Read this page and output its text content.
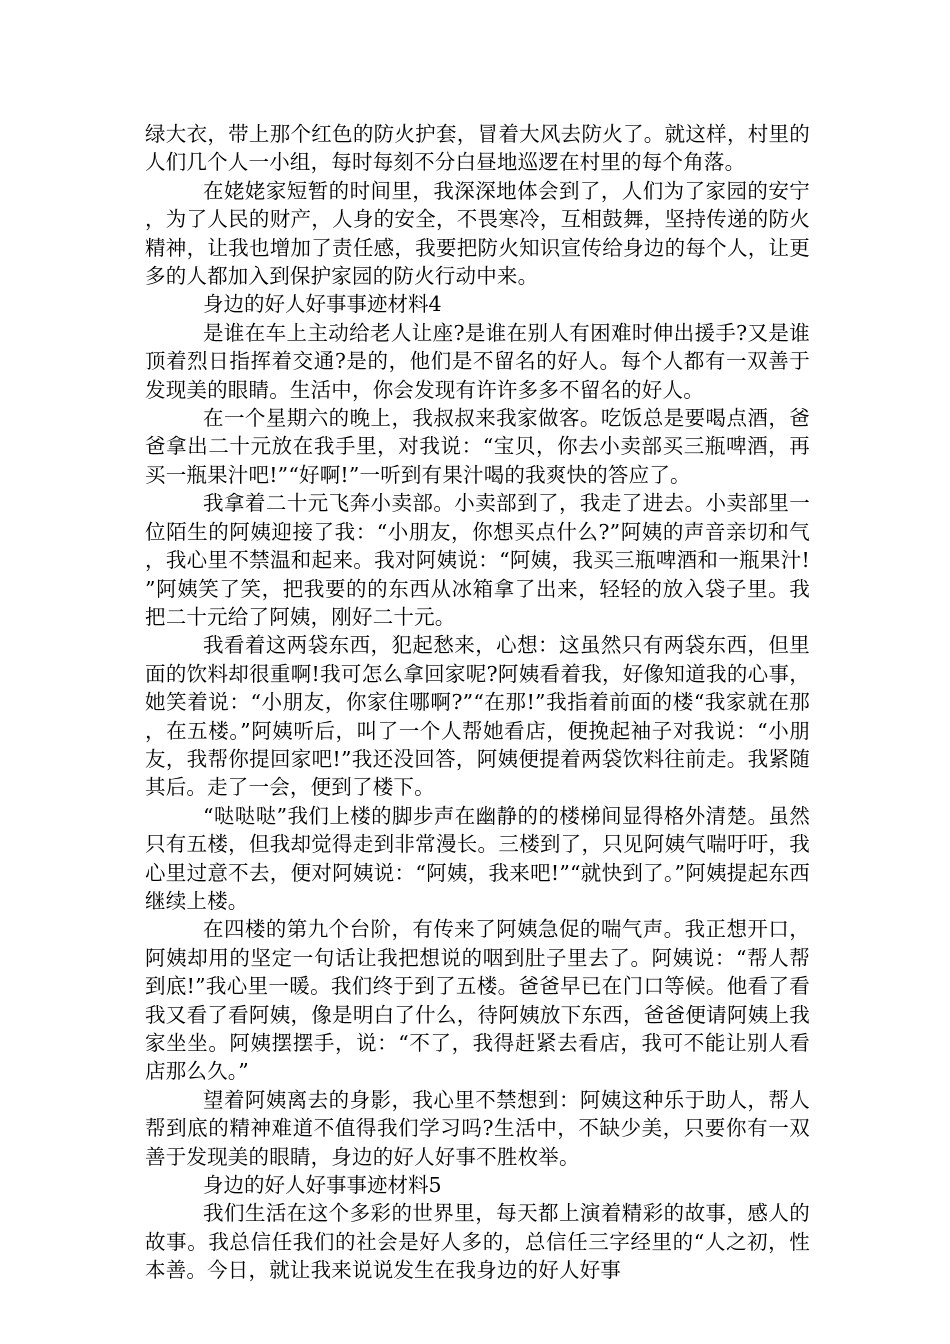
绿大衣，带上那个红色的防火护套，冒着大风去防火了。就这样，村里的人们几个人一小组，每时每刻不分白昼地巡逻在村里的每个角落。

在姥姥家短暂的时间里，我深深地体会到了，人们为了家园的安宁，为了人民的财产，人身的安全，不畏寒冷，互相鼓舞，坚持传递的防火精神，让我也增加了责任感，我要把防火知识宣传给身边的每个人，让更多的人都加入到保护家园的防火行动中来。

身边的好人好事事迹材料4

是谁在车上主动给老人让座?是谁在别人有困难时伸出援手?又是谁顶着烈日指挥着交通?是的，他们是不留名的好人。每个人都有一双善于发现美的眼睛。生活中，你会发现有许许多多不留名的好人。

在一个星期六的晚上，我叔叔来我家做客。吃饭总是要喝点酒，爸爸拿出二十元放在我手里，对我说：“宝贝，你去小卖部买三瓶啤酒，再买一瓶果汁吧!”“好啊!”一听到有果汁喝的我爽快的答应了。

我拿着二十元飞奔小卖部。小卖部到了，我走了进去。小卖部里一位陌生的阿姨迎接了我：“小朋友，你想买点什么?”阿姨的声音亲切和气，我心里不禁温和起来。我对阿姨说：“阿姨，我买三瓶啤酒和一瓶果汁!”阿姨笑了笑，把我要的的东西从冰箱拿了出来，轻轻的放入袋子里。我把二十元给了阿姨，刚好二十元。

我看着这两袋东西，犯起愁来，心想：这虽然只有两袋东西，但里面的饮料却很重啊!我可怎么拿回家呢?阿姨看着我，好像知道我的心事，她笑着说：“小朋友，你家住哪啊?”“在那!”我指着前面的楼“我家就在那，在五楼。”阿姨听后，叫了一个人帮她看店，便挽起袖子对我说：“小朋友，我帮你提回家吧!”我还没回答，阿姨便提着两袋饮料往前走。我紧随其后。走了一会，便到了楼下。

“哒哒哒”我们上楼的脚步声在幽静的的楼梯间显得格外清楚。虽然只有五楼，但我却觉得走到非常漫长。三楼到了，只见阿姨气喘吁吁，我心里过意不去，便对阿姨说：“阿姨，我来吧!”“就快到了。”阿姨提起东西继续上楼。

在四楼的第九个台阶，有传来了阿姨急促的喘气声。我正想开口，阿姨却用的坚定一句话让我把想说的咽到肚子里去了。阿姨说：“帮人帮到底!”我心里一暖。我们终于到了五楼。爸爸早已在门口等候。他看了看我又看了看阿姨，像是明白了什么，待阿姨放下东西，爸爸便请阿姨上我家坐坐。阿姨摆摆手，说：“不了，我得赶紧去看店，我可不能让别人看店那么久。”

望着阿姨离去的身影，我心里不禁想到：阿姨这种乐于助人，帮人帮到底的精神难道不值得我们学习吗?生活中，不缺少美，只要你有一双善于发现美的眼睛，身边的好人好事不胜枚举。

身边的好人好事事迹材料5

我们生活在这个多彩的世界里，每天都上演着精彩的故事，感人的故事。我总信任我们的社会是好人多的，总信任三字经里的“人之初，性本善。今日，就让我来说说发生在我身边的好人好事
